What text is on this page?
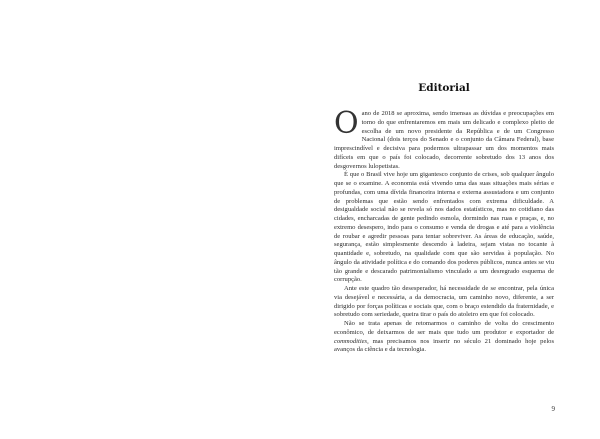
Editorial

Oano de 2018 se aproxima, sendo imensas as dúvidas e preocupações em torno do que enfrentaremos em mais um delicado e complexo pleito de escolha de um novo presidente da República e de um Congresso Nacional (dois terços do Senado e o conjunto da Câmara Federal), base imprescindível e decisiva para podermos ultrapassar um dos momentos mais difíceis em que o país foi colocado, decorrente sobretudo dos 13 anos dos desgovernos lulopetistas.

É que o Brasil vive hoje um gigantesco conjunto de crises, sob qualquer ângulo que se o examine. A economia está vivendo uma das suas situações mais sérias e profundas, com uma dívida financeira interna e externa assustadora e um conjunto de problemas que estão sendo enfrentados com extrema dificuldade. A desigualdade social não se revela só nos dados estatísticos, mas no cotidiano das cidades, encharcadas de gente pedindo esmola, dormindo nas ruas e praças, e, no extremo desespero, indo para o consumo e venda de drogas e até para a violência de roubar e agredir pessoas para tentar sobreviver. As áreas de educação, saúde, segurança, estão simplesmente descendo à ladeira, sejam vistas no tocante à quantidade e, sobretudo, na qualidade com que são servidas à população. No ângulo da atividade política e do comando dos poderes públicos, nunca antes se viu tão grande e descarado patrimonialismo vinculado a um desregrado esquema de corrupção.

Ante este quadro tão desesperador, há necessidade de se encontrar, pela única via desejável e necessária, a da democracia, um caminho novo, diferente, a ser dirigido por forças políticas e sociais que, com o braço estendido da fraternidade, e sobretudo com seriedade, queira tirar o país do atoleiro em que foi colocado.

Não se trata apenas de retomarmos o caminho de volta do crescimento econômico, de deixarmos de ser mais que tudo um produtor e exportador de commodities, mas precisamos nos inserir no século 21 dominado hoje pelos avanços da ciência e da tecnologia.

9
